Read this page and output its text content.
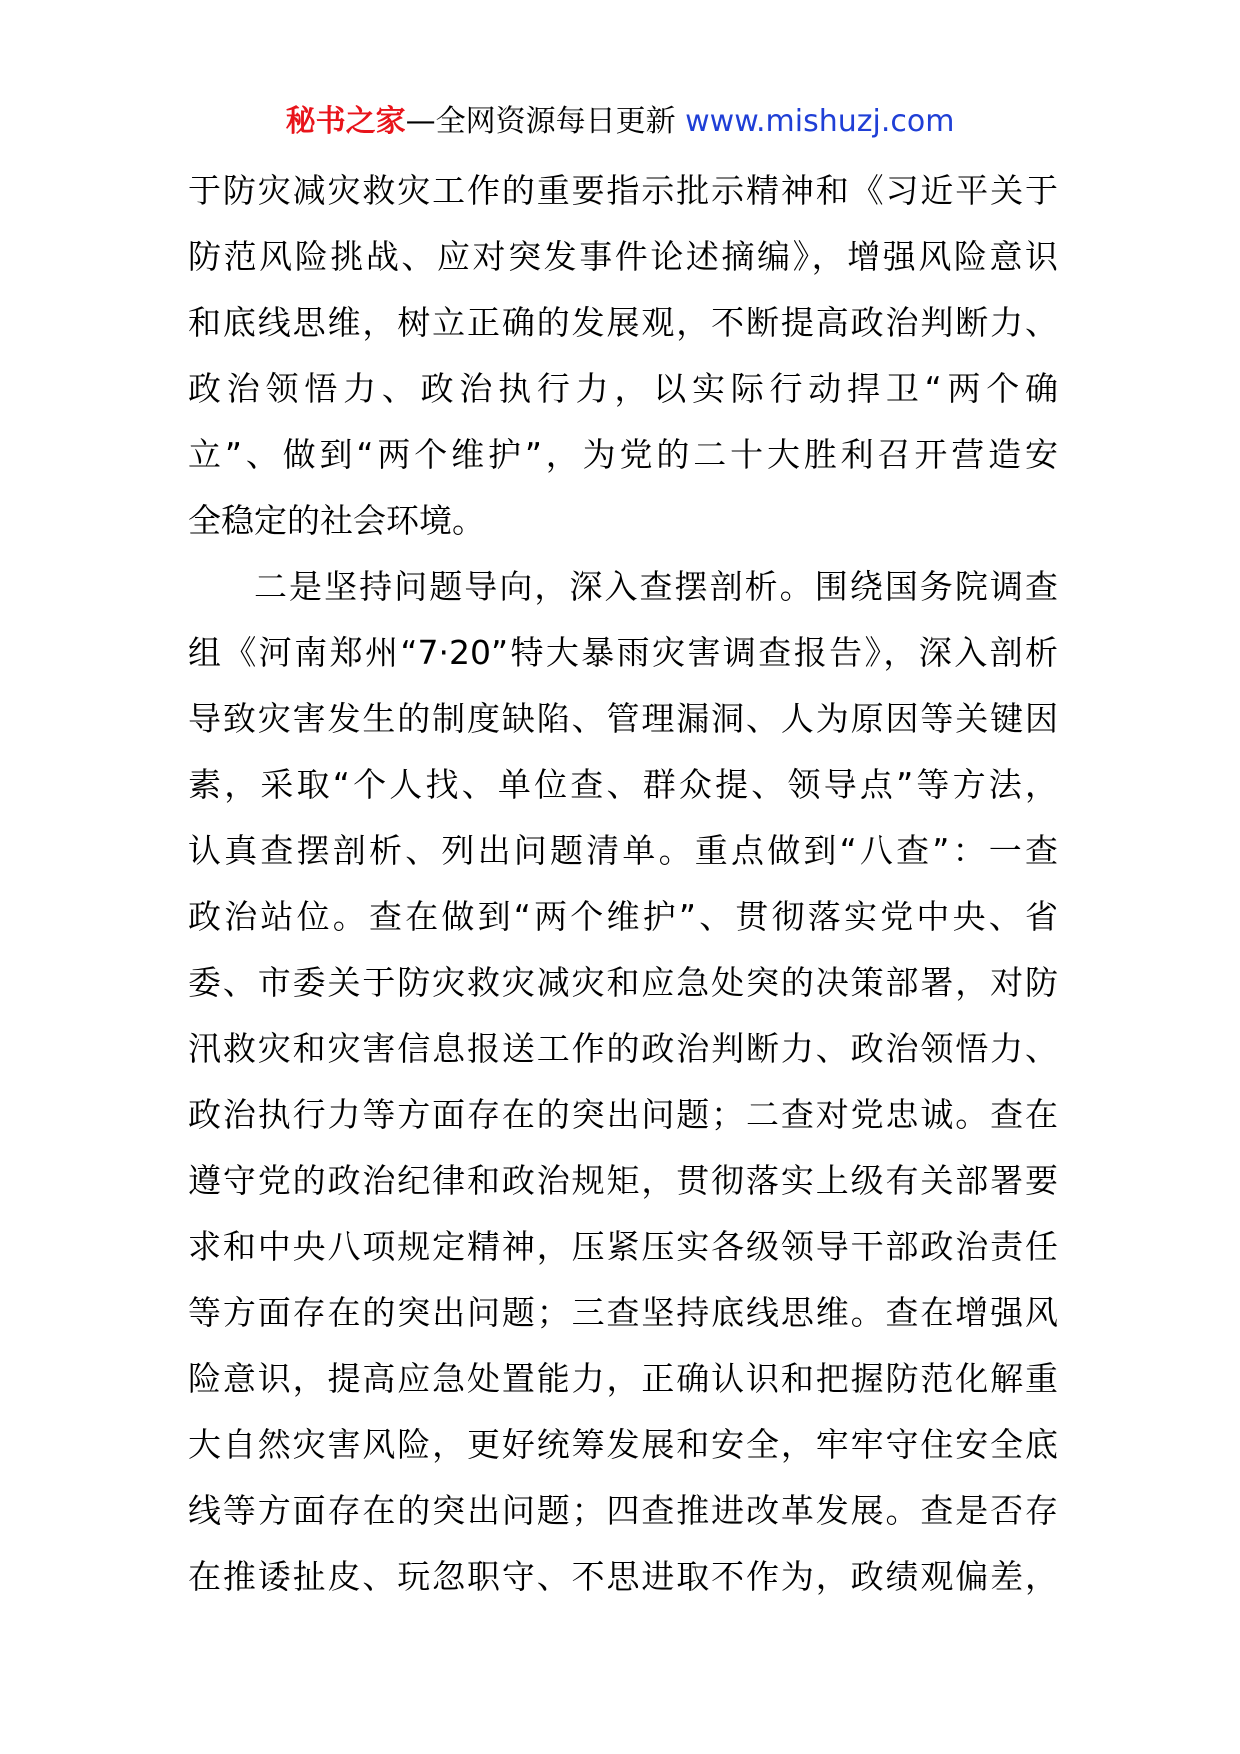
秘书之家—全网资源每日更新 www.mishuzj.com
于防灾减灾救灾工作的重要指示批示精神和《习近平关于
防范风险挑战、应对突发事件论述摘编》，增强风险意识
和底线思维，树立正确的发展观，不断提高政治判断力、
政治领悟力、政治执行力，以实际行动捍卫“两个确
立”、做到“两个维护”，为党的二十大胜利召开营造安
全稳定的社会环境。
二是坚持问题导向，深入查摆剖析。围绕国务院调查
组《河南郑州“7·20”特大暴雨灾害调查报告》，深入剖析
导致灾害发生的制度缺陷、管理漏洞、人为原因等关键因
素，采取“个人找、单位查、群众提、领导点”等方法，
认真查摆剖析、列出问题清单。重点做到“八查”：一查
政治站位。查在做到“两个维护”、贯彻落实党中央、省
委、市委关于防灾救灾减灾和应急处突的决策部署，对防
汛救灾和灾害信息报送工作的政治判断力、政治领悟力、
政治执行力等方面存在的突出问题；二查对党忠诚。查在
遵守党的政治纪律和政治规矩，贯彻落实上级有关部署要
求和中央八项规定精神，压紧压实各级领导干部政治责任
等方面存在的突出问题；三查坚持底线思维。查在增强风
险意识，提高应急处置能力，正确认识和把握防范化解重
大自然灾害风险，更好统筹发展和安全，牢牢守住安全底
线等方面存在的突出问题；四查推进改革发展。查是否存
在推诿扯皮、玩忽职守、不思进取不作为，政绩观偏差，
